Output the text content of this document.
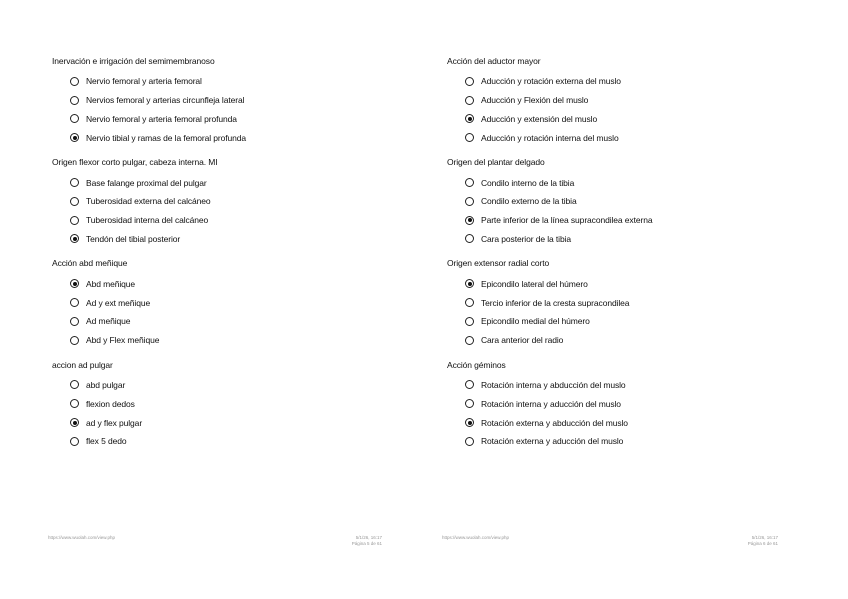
Inervación e irrigación del semimembranoso
Nervio femoral y arteria femoral
Nervios femoral y arterias circunfleja lateral
Nervio femoral y arteria femoral profunda
Nervio tibial y ramas de la femoral profunda
Origen flexor corto pulgar, cabeza interna. MI
Base falange proximal del pulgar
Tuberosidad externa del calcáneo
Tuberosidad interna del calcáneo
Tendón del tibial posterior
Acción abd meñique
Abd meñique
Ad y ext meñique
Ad meñique
Abd y Flex meñique
accion ad pulgar
abd pulgar
flexion dedos
ad y flex pulgar
flex 5 dedo
Acción del aductor mayor
Aducción y rotación externa del muslo
Aducción y Flexión del muslo
Aducción y extensión del muslo
Aducción y rotación interna del muslo
Origen del plantar delgado
Condilo interno de la tibia
Condilo externo de la tibia
Parte inferior de la línea supracondilea externa
Cara posterior de la tibia
Origen extensor radial corto
Epicondilo lateral del húmero
Tercio inferior de la cresta supracondilea
Epicondilo medial del húmero
Cara anterior del radio
Acción géminos
Rotación interna y abducción del muslo
Rotación interna y aducción del muslo
Rotación externa y abducción del muslo
Rotación externa y aducción del muslo
https://www.wuolah.com/view.php	5/1/26, 16:17
Página 5 de 61
https://www.wuolah.com/view.php	5/1/26, 16:17
Página 6 de 61
